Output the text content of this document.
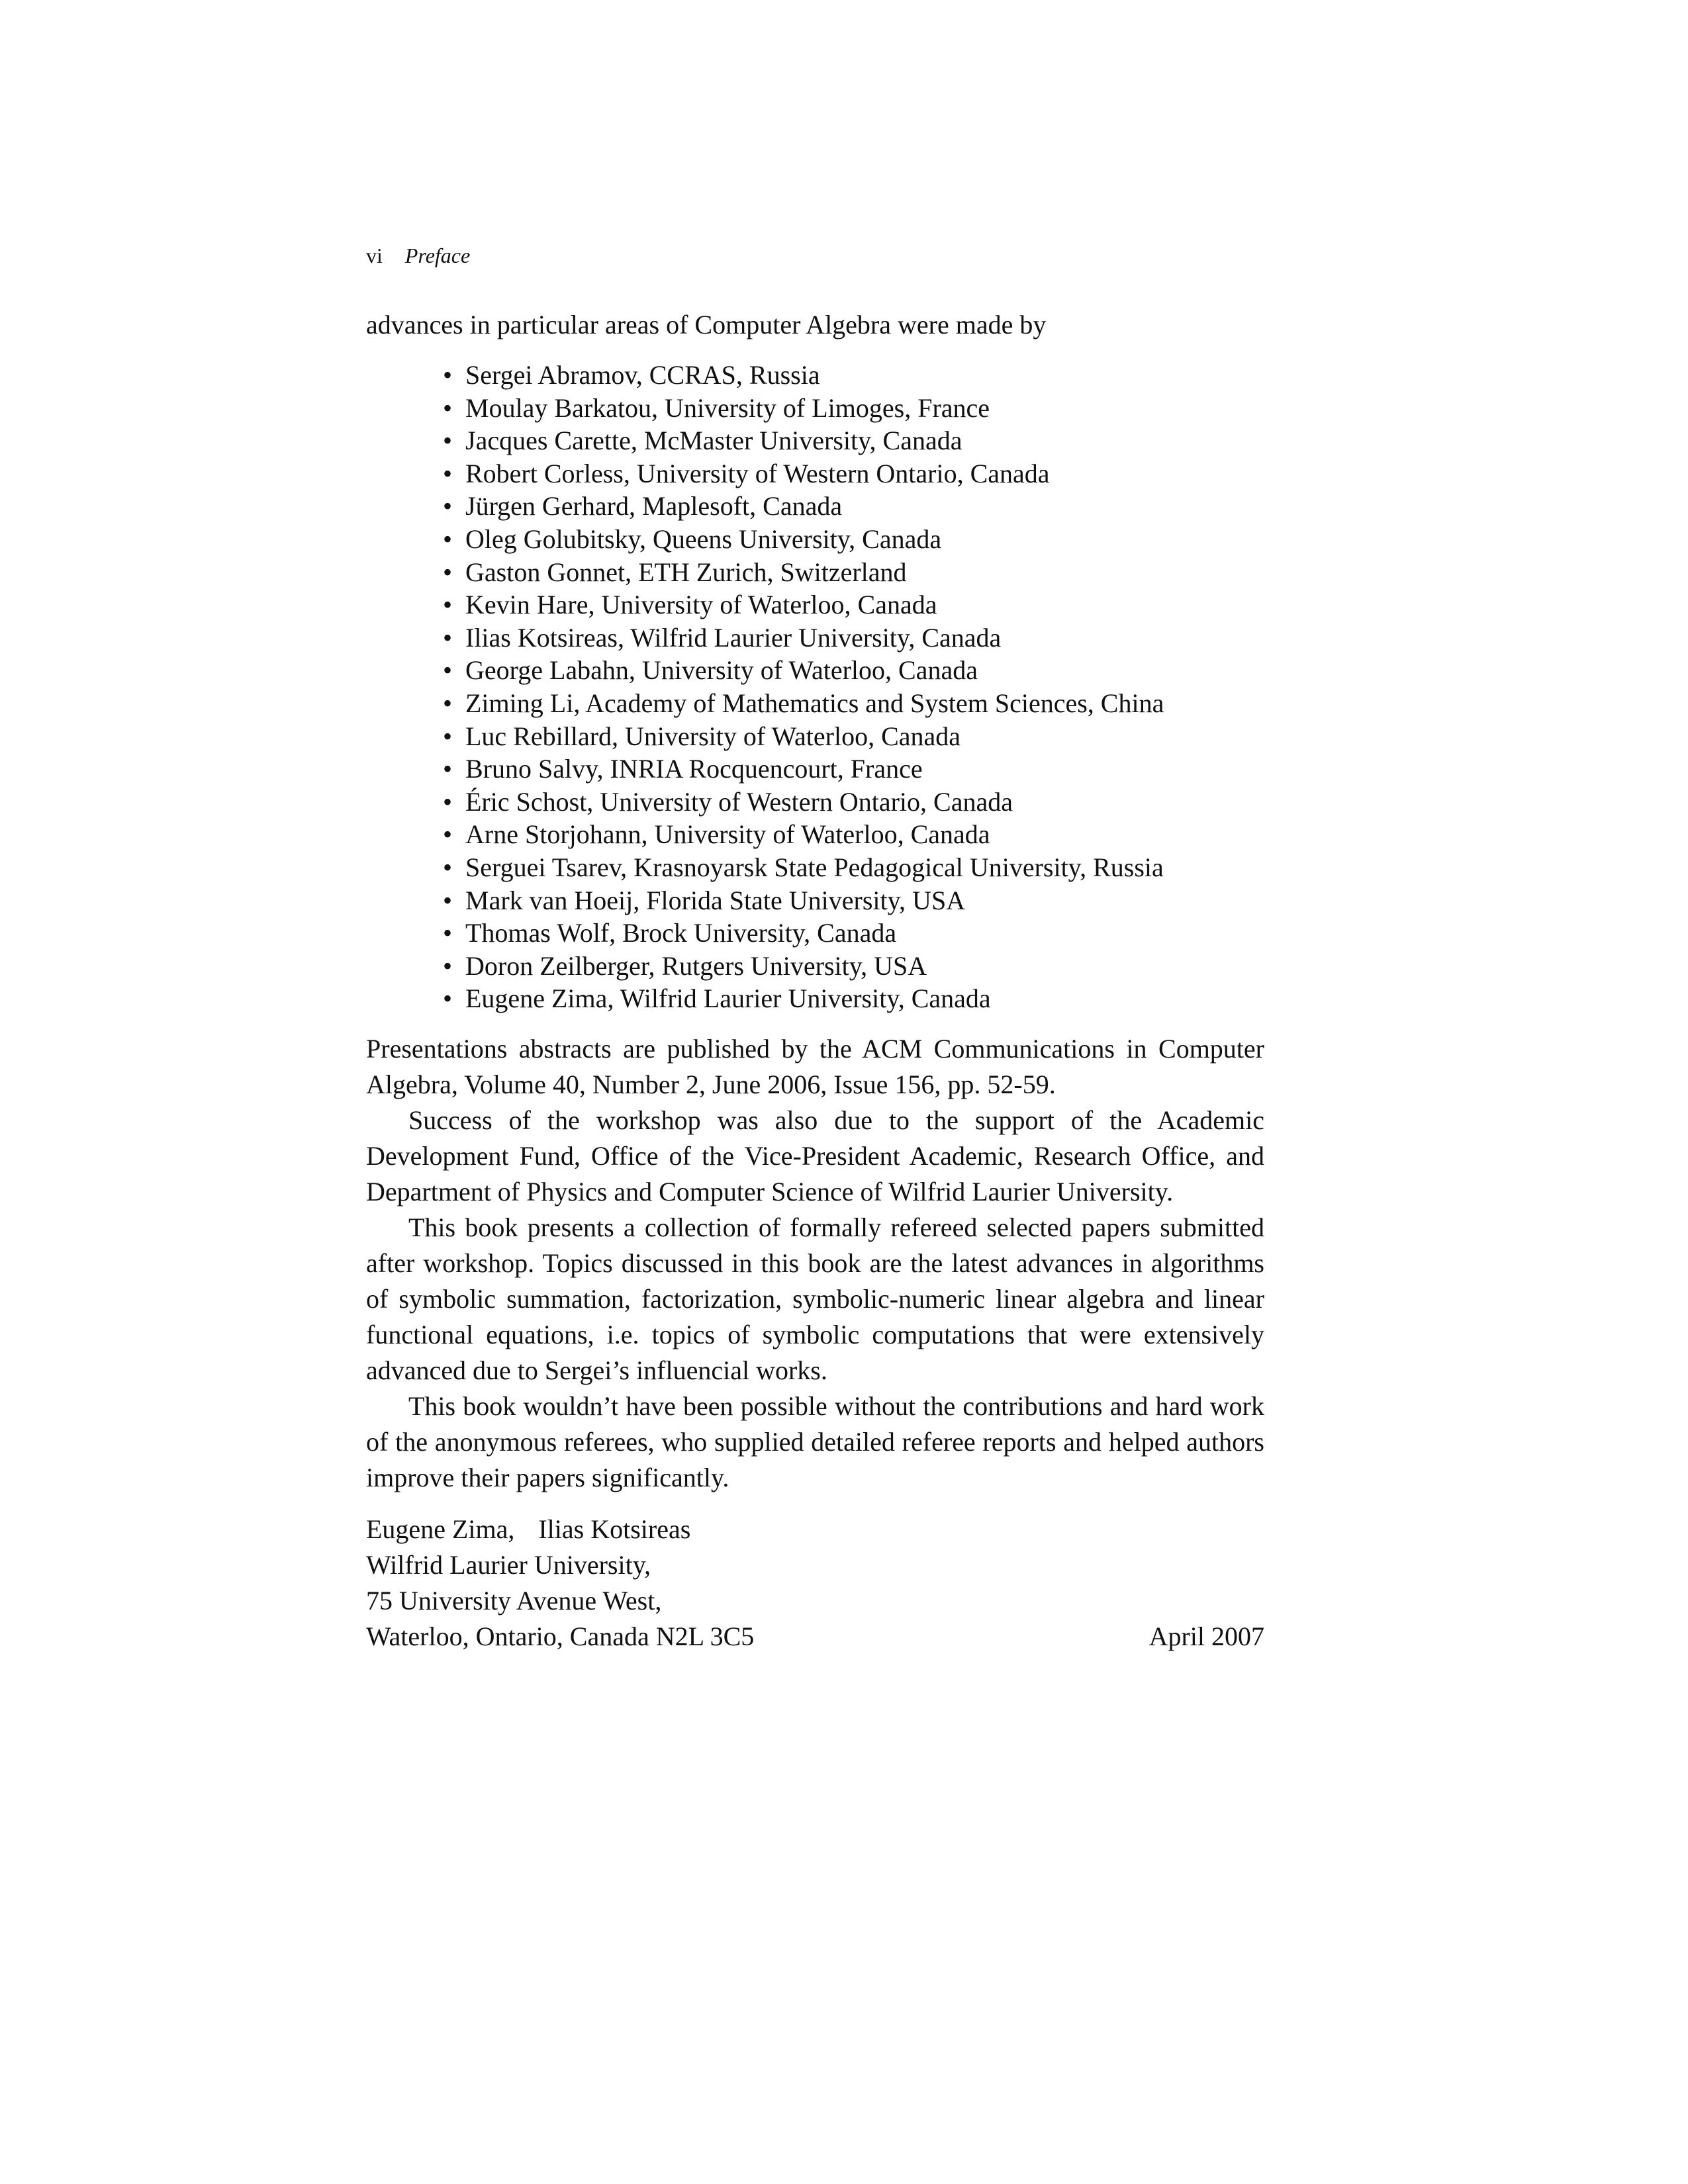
vi Preface

advances in particular areas of Computer Algebra were made by

• Sergei Abramov, CCRAS, Russia
• Moulay Barkatou, University of Limoges, France
• Jacques Carette, McMaster University, Canada
• Robert Corless, University of Western Ontario, Canada
• Jürgen Gerhard, Maplesoft, Canada
• Oleg Golubitsky, Queens University, Canada
• Gaston Gonnet, ETH Zurich, Switzerland
• Kevin Hare, University of Waterloo, Canada
• Ilias Kotsireas, Wilfrid Laurier University, Canada
• George Labahn, University of Waterloo, Canada
• Ziming Li, Academy of Mathematics and System Sciences, China
• Luc Rebillard, University of Waterloo, Canada
• Bruno Salvy, INRIA Rocquencourt, France
• Éric Schost, University of Western Ontario, Canada
• Arne Storjohann, University of Waterloo, Canada
• Serguei Tsarev, Krasnoyarsk State Pedagogical University, Russia
• Mark van Hoeij, Florida State University, USA
• Thomas Wolf, Brock University, Canada
• Doron Zeilberger, Rutgers University, USA
• Eugene Zima, Wilfrid Laurier University, Canada

Presentations abstracts are published by the ACM Communications in Computer Algebra, Volume 40, Number 2, June 2006, Issue 156, pp. 52-59.

Success of the workshop was also due to the support of the Academic Development Fund, Office of the Vice-President Academic, Research Office, and Department of Physics and Computer Science of Wilfrid Laurier University.

This book presents a collection of formally refereed selected papers submitted after workshop. Topics discussed in this book are the latest advances in algorithms of symbolic summation, factorization, symbolic-numeric linear algebra and linear functional equations, i.e. topics of symbolic computations that were extensively advanced due to Sergei’s influencial works.

This book wouldn’t have been possible without the contributions and hard work of the anonymous referees, who supplied detailed referee reports and helped authors improve their papers significantly.

Eugene Zima, Ilias Kotsireas
Wilfrid Laurier University,
75 University Avenue West,
Waterloo, Ontario, Canada N2L 3C5	April 2007
